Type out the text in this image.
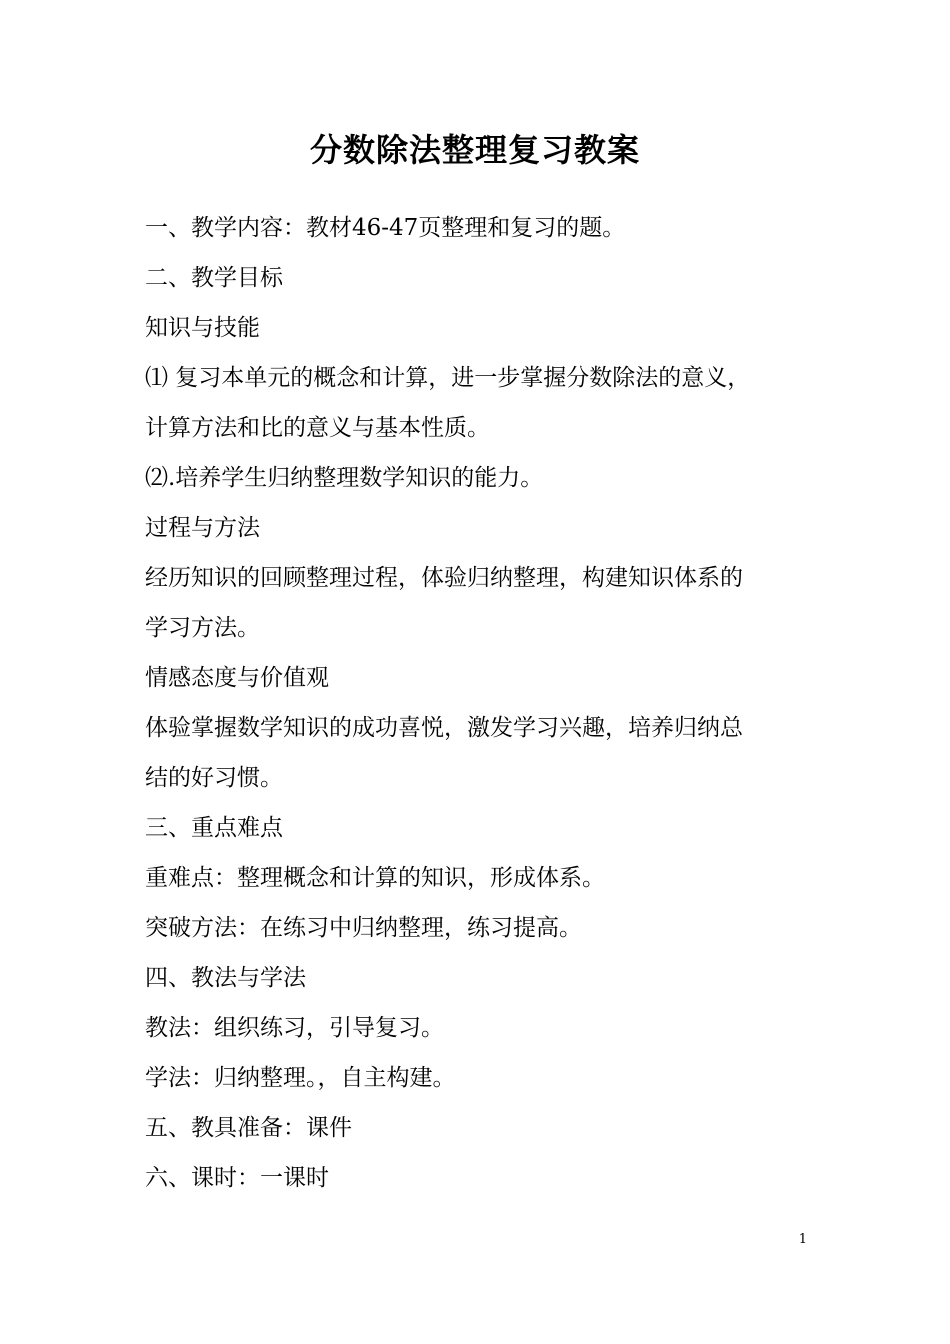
分数除法整理复习教案
一、教学内容：教材46-47页整理和复习的题。
二、教学目标
知识与技能
⑴ 复习本单元的概念和计算，进一步掌握分数除法的意义，
计算方法和比的意义与基本性质。
⑵.培养学生归纳整理数学知识的能力。
过程与方法
经历知识的回顾整理过程，体验归纳整理，构建知识体系的
学习方法。
情感态度与价值观
体验掌握数学知识的成功喜悦，激发学习兴趣，培养归纳总
结的好习惯。
三、重点难点
重难点：整理概念和计算的知识，形成体系。
突破方法：在练习中归纳整理，练习提高。
四、教法与学法
教法：组织练习，引导复习。
学法：归纳整理。，自主构建。
五、教具准备：课件
六、课时：一课时
1
